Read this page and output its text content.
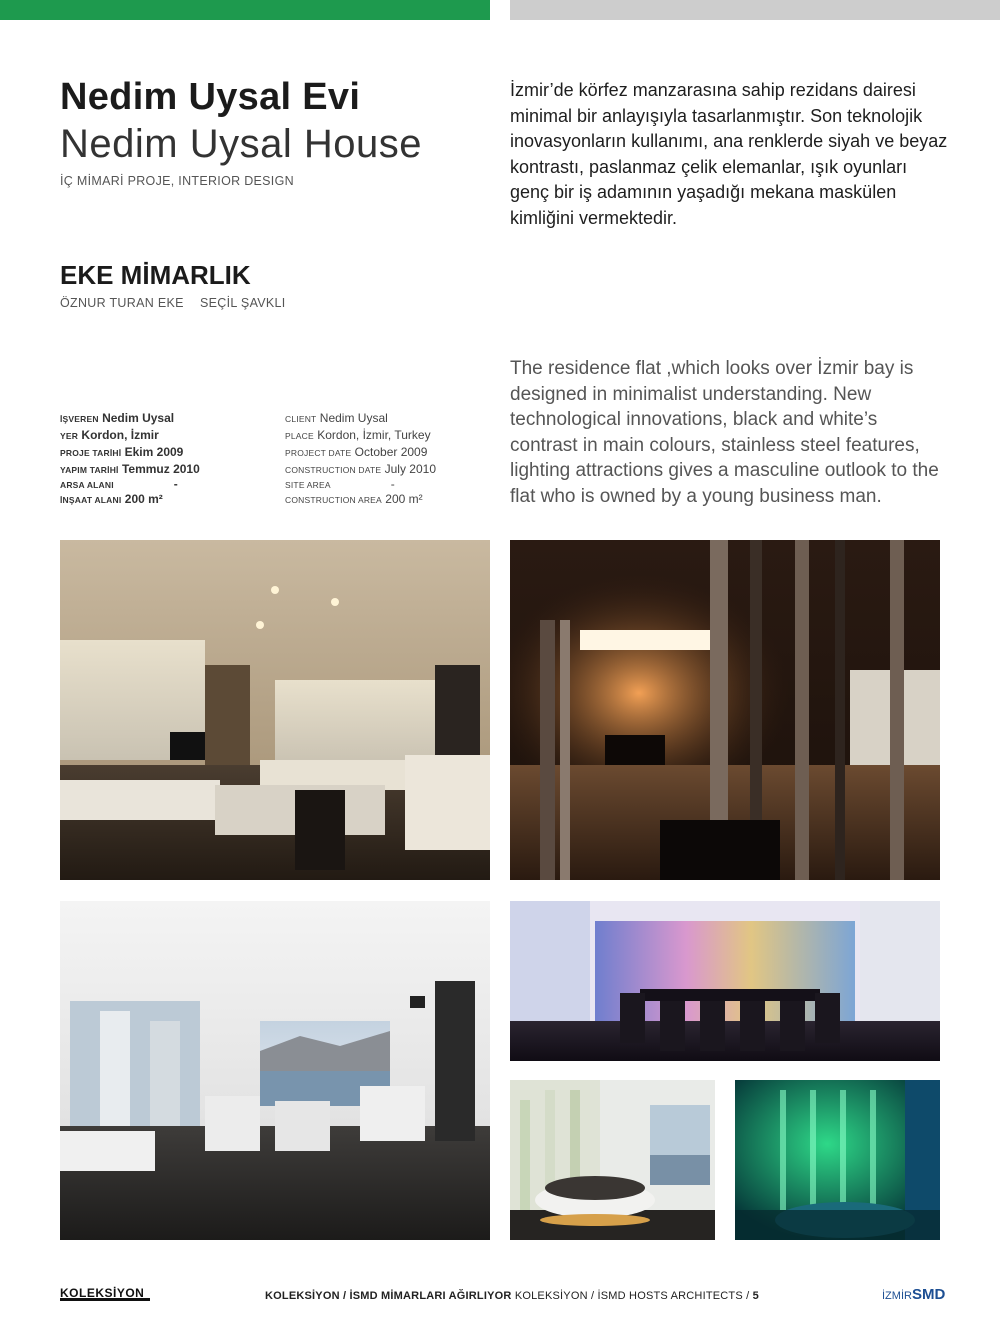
Nedim Uysal Evi
Nedim Uysal House
İÇ MİMARİ PROJE, INTERIOR DESIGN
EKE MİMARLIK
ÖZNUR TURAN EKE SEÇİL ŞAVKLI

İzmir’de körfez manzarasına sahip rezidans dairesi minimal bir anlayışıyla tasarlanmıştır. Son teknolojik inovasyonların kullanımı, ana renklerde siyah ve beyaz kontrastı, paslanmaz çelik elemanlar, ışık oyunları genç bir iş adamının yaşadığı mekana maskülen kimliğini vermektedir.

The residence flat ,which looks over İzmir bay is designed in minimalist understanding. New technological innovations, black and white’s contrast in main colours, stainless steel features, lighting attractions gives a masculine outlook to the flat who is owned by a young business man.

İŞVEREN Nedim Uysal
YER Kordon, İzmir
PROJE TARİHİ Ekim 2009
YAPIM TARİHİ Temmuz 2010
ARSA ALANI	-
İNŞAAT ALANI 200 m²
CLIENT Nedim Uysal
PLACE Kordon, İzmir, Turkey
PROJECT DATE October 2009
CONSTRUCTION DATE July 2010
SITE AREA	-
CONSTRUCTION AREA 200 m²
KOLEKSİYON	KOLEKSİYON / İSMD MİMARLARI AĞIRLIYOR KOLEKSİYON / İSMD HOSTS ARCHITECTS / 5	İZMİRSMD
